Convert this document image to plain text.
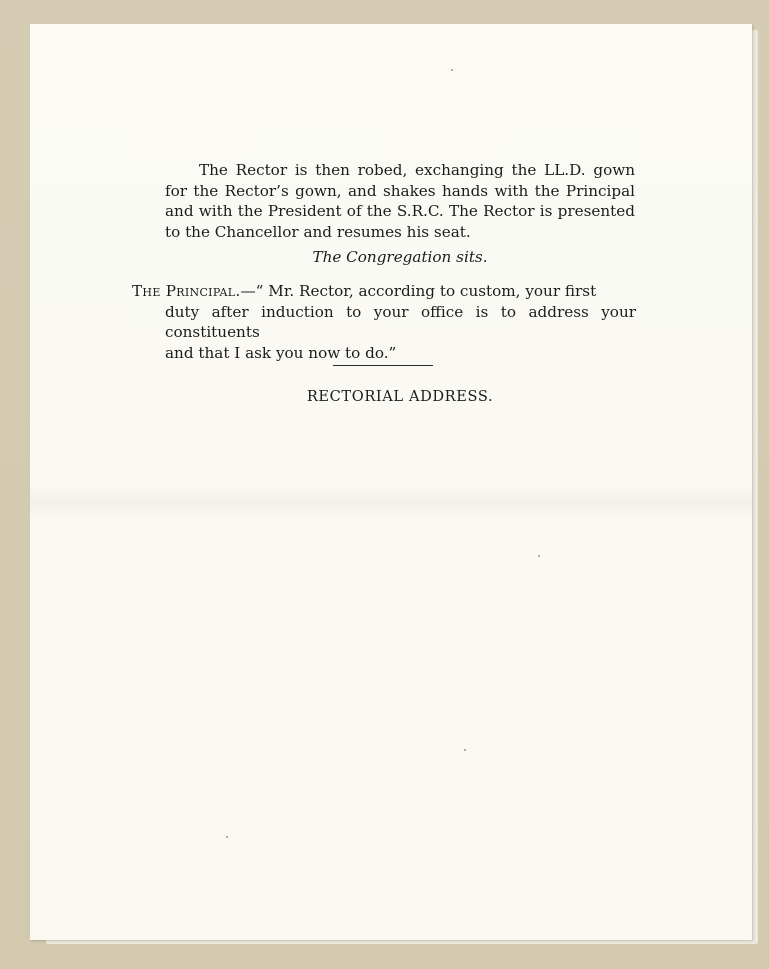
The Rector is then robed, exchanging the LL.D. gown for the Rector’s gown, and shakes hands with the Principal and with the President of the S.R.C. The Rector is presented to the Chancellor and resumes his seat.

The Congregation sits.
The Principal.—“ Mr. Rector, according to custom, your first
duty after induction to your office is to address your constituents
and that I ask you now to do.”
RECTORIAL ADDRESS.
